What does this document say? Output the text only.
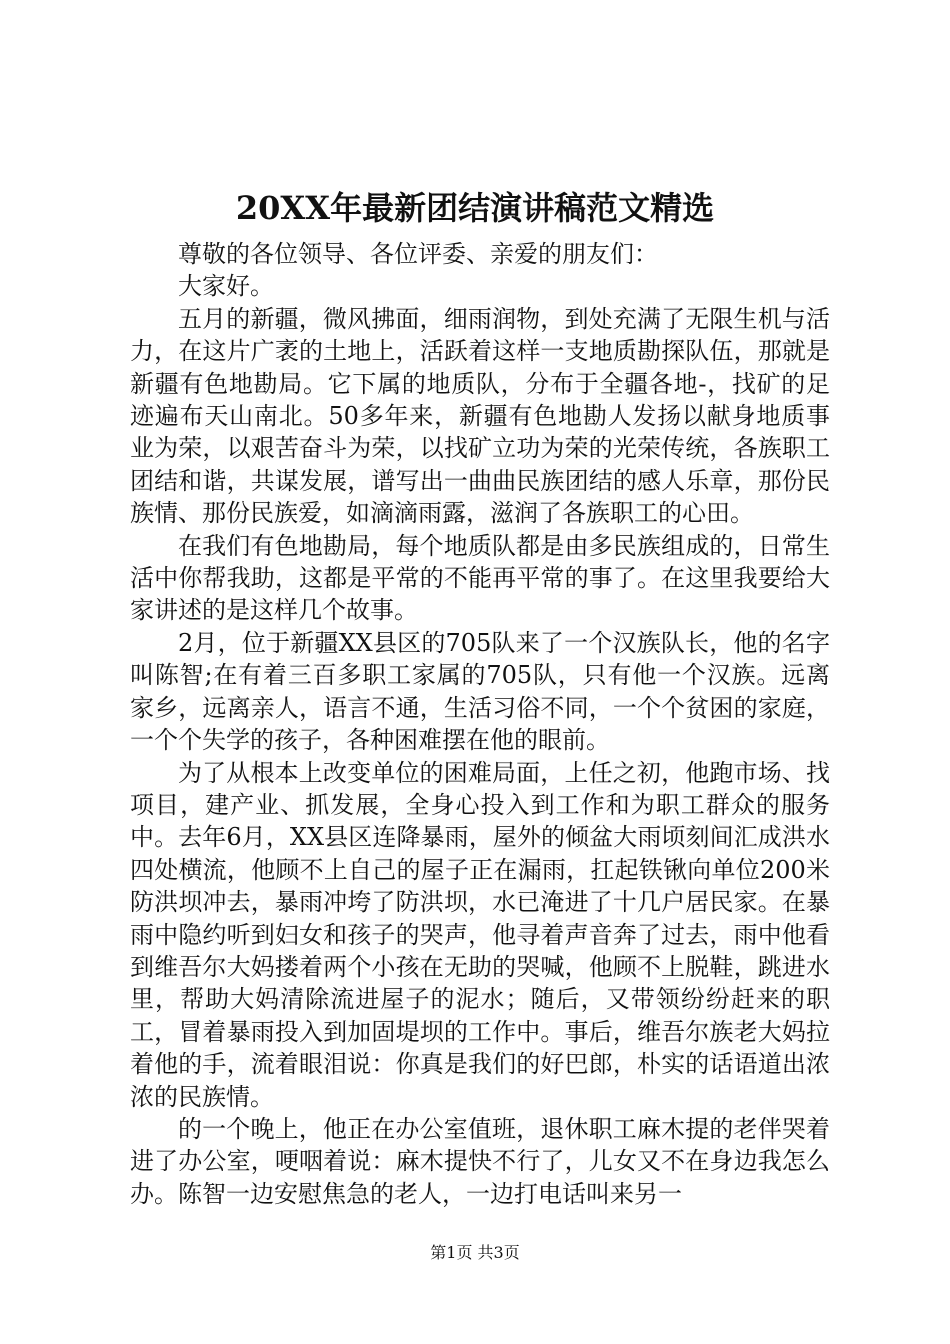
20XX年最新团结演讲稿范文精选

尊敬的各位领导、各位评委、亲爱的朋友们：

大家好。

五月的新疆，微风拂面，细雨润物，到处充满了无限生机与活力，在这片广袤的土地上，活跃着这样一支地质勘探队伍，那就是新疆有色地勘局。它下属的地质队，分布于全疆各地-，找矿的足迹遍布天山南北。50多年来，新疆有色地勘人发扬以献身地质事业为荣，以艰苦奋斗为荣，以找矿立功为荣的光荣传统，各族职工团结和谐，共谋发展，谱写出一曲曲民族团结的感人乐章，那份民族情、那份民族爱，如滴滴雨露，滋润了各族职工的心田。

在我们有色地勘局，每个地质队都是由多民族组成的，日常生活中你帮我助，这都是平常的不能再平常的事了。在这里我要给大家讲述的是这样几个故事。

2月，位于新疆XX县区的705队来了一个汉族队长，他的名字叫陈智;在有着三百多职工家属的705队，只有他一个汉族。远离家乡，远离亲人，语言不通，生活习俗不同，一个个贫困的家庭，一个个失学的孩子，各种困难摆在他的眼前。

为了从根本上改变单位的困难局面，上任之初，他跑市场、找项目，建产业、抓发展，全身心投入到工作和为职工群众的服务中。去年6月，XX县区连降暴雨，屋外的倾盆大雨顷刻间汇成洪水四处横流，他顾不上自己的屋子正在漏雨，扛起铁锹向单位200米防洪坝冲去，暴雨冲垮了防洪坝，水已淹进了十几户居民家。在暴雨中隐约听到妇女和孩子的哭声，他寻着声音奔了过去，雨中他看到维吾尔大妈搂着两个小孩在无助的哭喊，他顾不上脱鞋，跳进水里，帮助大妈清除流进屋子的泥水；随后，又带领纷纷赶来的职工，冒着暴雨投入到加固堤坝的工作中。事后，维吾尔族老大妈拉着他的手，流着眼泪说：你真是我们的好巴郎，朴实的话语道出浓浓的民族情。

的一个晚上，他正在办公室值班，退休职工麻木提的老伴哭着进了办公室，哽咽着说：麻木提快不行了，儿女又不在身边我怎么办。陈智一边安慰焦急的老人，一边打电话叫来另一

第1页 共3页
